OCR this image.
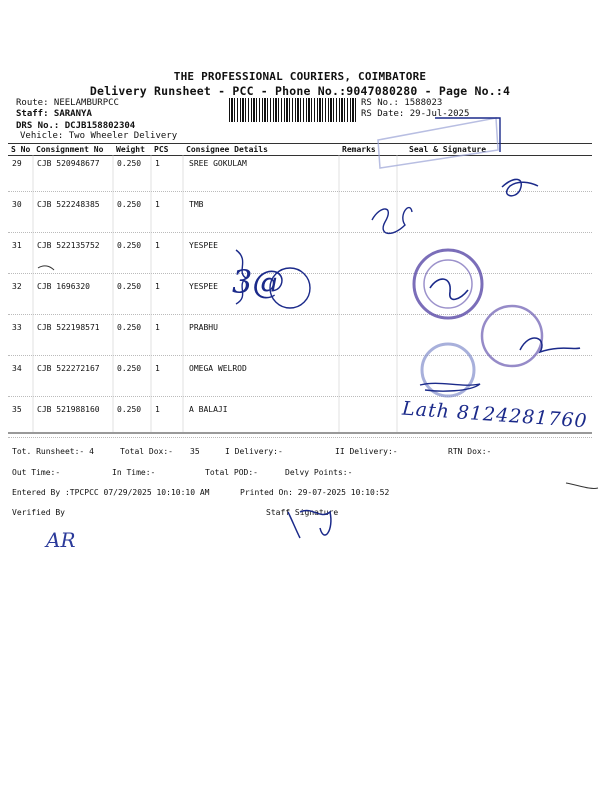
THE PROFESSIONAL COURIERS, COIMBATORE
Delivery Runsheet - PCC - Phone No.:9047080280 - Page No.:4
Route: NEELAMBURPCC
Staff: SARANYA
DRS No.: DCJB158802304
Vehicle: Two Wheeler Delivery
RS No.: 1588023
RS Date: 29-Jul-2025
S No	Consignment No	Weight	PCS	Consignee Details	Remarks	Seal & Signature
29 CJB 520948677 0.250 1	SREE GOKULAM
30 CJB 522248385 0.250 1	TMB
31 CJB 522135752 0.250 1	YESPEE
32 CJB 1696320	0.250 1	YESPEE
33 CJB 522198571 0.250 1	PRABHU
34 CJB 522272167 0.250 1	OMEGA WELROD
35 CJB 521988160 0.250 1	A BALAJI
Tot. Runsheet:- 4	Total Dox:- 35	I Delivery:-	II Delivery:-	RTN Dox:-
Out Time:-	In Time:-	Total POD:-	Delvy Points:-
Entered By :TPCPCC 07/29/2025 10:10:10 AM	Printed On: 29-07-2025 10:10:52
Verified By	Staff Signature
Lath 8124281760
3@
AR
